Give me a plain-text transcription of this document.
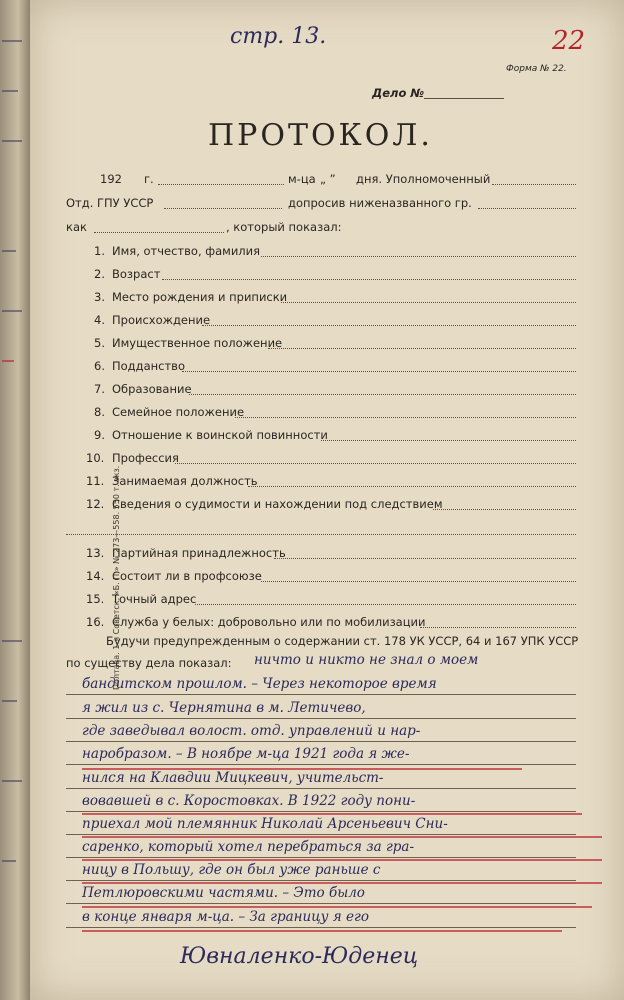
стр. 13.	22
Форма № 22.
Дело №
ПРОТОКОЛ.
192 г.	м-ца „ ” дня. Уполномоченный
Отд. ГПУ УССР	допросив ниженазванного гр.
как	, который показал:
1. Имя, отчество, фамилия
2. Возраст
3. Место рождения и приписки
4. Происхождение
5. Имущественное положение
6. Подданство
7. Образование
8. Семейное положение
9. Отношение к воинской повинности
10. Профессия
11. Занимаемая должность
12. Сведения о судимости и нахождении под следствием
13. Партийная принадлежность
14. Состоит ли в профсоюзе
15. Точный адрес
16. Служба у белых: добровольно или по мобилизации
Будучи предупрежденным о содержании ст. 178 УК УССР, 64 и 167 УПК УССР
по существу дела показал: ничто и никто не знал о моем
бандитском прошлом. – Через некоторое время
я жил из с. Чернятина в м. Летичево,
где заведывал волост. отд. управлений и нар-
наробразом. – В ноябре м-ца 1921 года я же-
нился на Клавдии Мицкевич, учительст-
вовавшей в с. Коростовках. В 1922 году пони-
приехал мой племянник Николай Арсеньевич Сни-
саренко, который хотел перебраться за гра-
ницу в Польшу, где он был уже раньше с
Петлюровскими частями. – Это было
в конце января м-ца. – За границу я его
Ювналенко-Юденец
Полтава. 1-я Советск. «Б. П.» № 273—558. 550 т. экз.
